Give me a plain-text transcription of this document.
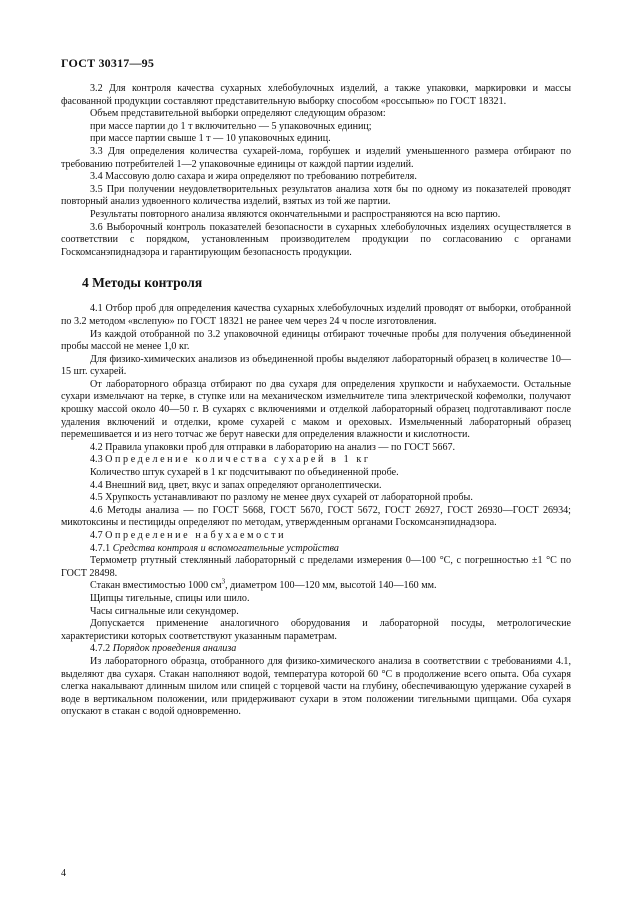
ГОСТ 30317—95

3.2 Для контроля качества сухарных хлебобулочных изделий, а также упаковки, маркировки и массы фасованной продукции составляют представительную выборку способом «россыпью» по ГОСТ 18321.

Объем представительной выборки определяют следующим образом:

при массе партии до 1 т включительно — 5 упаковочных единиц;

при массе партии свыше 1 т — 10 упаковочных единиц.

3.3 Для определения количества сухарей-лома, горбушек и изделий уменьшенного размера отбирают по требованию потребителей 1—2 упаковочные единицы от каждой партии изделий.

3.4 Массовую долю сахара и жира определяют по требованию потребителя.

3.5 При получении неудовлетворительных результатов анализа хотя бы по одному из показателей проводят повторный анализ удвоенного количества изделий, взятых из той же партии.

Результаты повторного анализа являются окончательными и распространяются на всю партию.

3.6 Выборочный контроль показателей безопасности в сухарных хлебобулочных изделиях осуществляется в соответствии с порядком, установленным производителем продукции по согласованию с органами Госкомсанэпиднадзора и гарантирующим безопасность продукции.

4 Методы контроля

4.1 Отбор проб для определения качества сухарных хлебобулочных изделий проводят от выборки, отобранной по 3.2 методом «вслепую» по ГОСТ 18321 не ранее чем через 24 ч после изготовления.

Из каждой отобранной по 3.2 упаковочной единицы отбирают точечные пробы для получения объединенной пробы массой не менее 1,0 кг.

Для физико-химических анализов из объединенной пробы выделяют лабораторный образец в количестве 10—15 шт. сухарей.

От лабораторного образца отбирают по два сухаря для определения хрупкости и набухаемости. Остальные сухари измельчают на терке, в ступке или на механическом измельчителе типа электрической кофемолки, получают крошку массой около 40—50 г. В сухарях с включениями и отделкой лабораторный образец подготавливают после удаления включений и отделки, кроме сухарей с маком и ореховых. Измельченный лабораторный образец перемешивается и из него тотчас же берут навески для определения влажности и кислотности.

4.2 Правила упаковки проб для отправки в лабораторию на анализ — по ГОСТ 5667.

4.3 Определение количества сухарей в 1 кг

Количество штук сухарей в 1 кг подсчитывают по объединенной пробе.

4.4 Внешний вид, цвет, вкус и запах определяют органолептически.

4.5 Хрупкость устанавливают по разлому не менее двух сухарей от лабораторной пробы.

4.6 Методы анализа — по ГОСТ 5668, ГОСТ 5670, ГОСТ 5672, ГОСТ 26927, ГОСТ 26930—ГОСТ 26934; микотоксины и пестициды определяют по методам, утвержденным органами Госкомсанэпиднадзора.

4.7 Определение набухаемости

4.7.1 Средства контроля и вспомогательные устройства

Термометр ртутный стеклянный лабораторный с пределами измерения 0—100 °С, с погрешностью ±1 °С по ГОСТ 28498.

Стакан вместимостью 1000 $см^3$, диаметром 100—120 мм, высотой 140—160 мм.

Щипцы тигельные, спицы или шило.

Часы сигнальные или секундомер.

Допускается применение аналогичного оборудования и лабораторной посуды, метрологические характеристики которых соответствуют указанным параметрам.

4.7.2 Порядок проведения анализа

Из лабораторного образца, отобранного для физико-химического анализа в соответствии с требованиями 4.1, выделяют два сухаря. Стакан наполняют водой, температура которой 60 °С в продолжение всего опыта. Оба сухаря слегка накалывают длинным шилом или спицей с торцевой части на глубину, обеспечивающую удержание сухарей в воде в вертикальном положении, или придерживают сухари в этом положении тигельными щипцами. Оба сухаря опускают в стакан с водой одновременно.

4
